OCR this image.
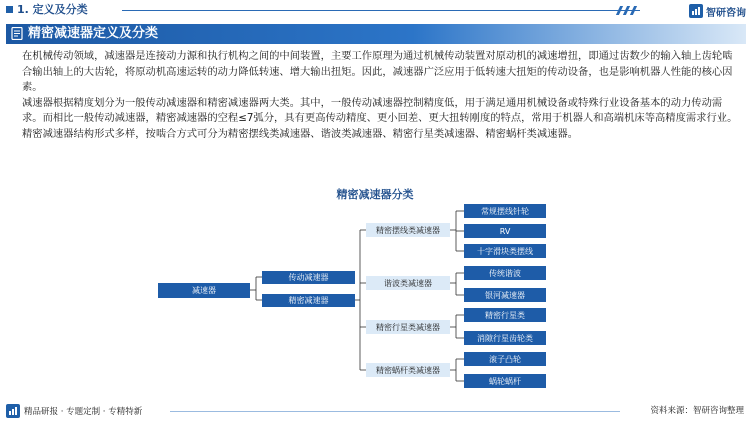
1. 定义及分类	智研咨询
精密减速器定义及分类

在机械传动领域，减速器是连接动力源和执行机构之间的中间装置，主要工作原理为通过机械传动装置对原动机的减速增扭，即通过齿数少的输入轴上齿轮啮合输出轴上的大齿轮，将原动机高速运转的动力降低转速、增大输出扭矩。因此，减速器广泛应用于低转速大扭矩的传动设备，也是影响机器人性能的核心因素。

减速器根据精度划分为一般传动减速器和精密减速器两大类。其中，一般传动减速器控制精度低，用于满足通用机械设备或特殊行业设备基本的动力传动需求。而相比一般传动减速器，精密减速器的空程≤7弧分，具有更高传动精度、更小回差、更大扭转刚度的特点，常用于机器人和高端机床等高精度需求行业。精密减速器结构形式多样，按啮合方式可分为精密摆线类减速器、谐波类减速器、精密行星类减速器、精密蜗杆类减速器。

精密减速器分类
减速器
传动减速器
精密减速器
精密摆线类减速器
谐波类减速器
精密行星类减速器
精密蜗杆类减速器
常规摆线针轮
RV
十字滑块类摆线
传统谐波
银河减速器
精密行星类
消隙行星齿轮类
滚子凸轮
蜗轮蜗杆
精品研报 · 专题定制 · 专精特新	资料来源：智研咨询整理
